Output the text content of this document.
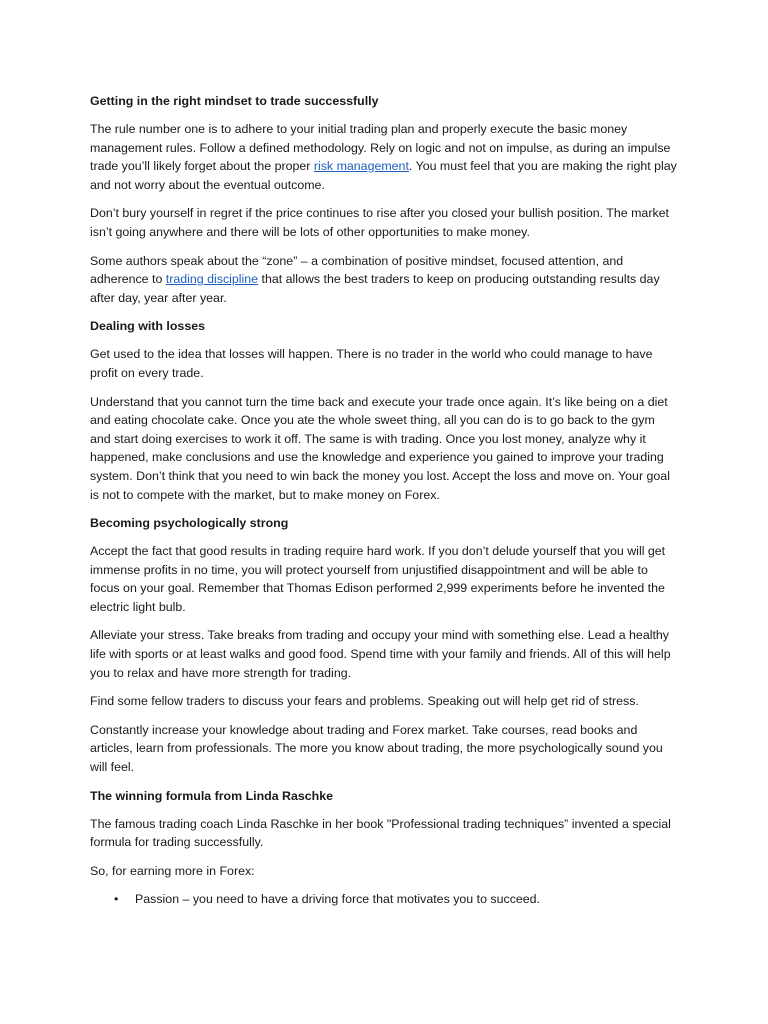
Getting in the right mindset to trade successfully

The rule number one is to adhere to your initial trading plan and properly execute the basic money management rules. Follow a defined methodology. Rely on logic and not on impulse, as during an impulse trade you’ll likely forget about the proper risk management. You must feel that you are making the right play and not worry about the eventual outcome.

Don’t bury yourself in regret if the price continues to rise after you closed your bullish position. The market isn’t going anywhere and there will be lots of other opportunities to make money.

Some authors speak about the “zone” – a combination of positive mindset, focused attention, and adherence to trading discipline that allows the best traders to keep on producing outstanding results day after day, year after year.

Dealing with losses

Get used to the idea that losses will happen. There is no trader in the world who could manage to have profit on every trade.

Understand that you cannot turn the time back and execute your trade once again. It’s like being on a diet and eating chocolate cake. Once you ate the whole sweet thing, all you can do is to go back to the gym and start doing exercises to work it off. The same is with trading. Once you lost money, analyze why it happened, make conclusions and use the knowledge and experience you gained to improve your trading system. Don’t think that you need to win back the money you lost. Accept the loss and move on. Your goal is not to compete with the market, but to make money on Forex.

Becoming psychologically strong

Accept the fact that good results in trading require hard work. If you don’t delude yourself that you will get immense profits in no time, you will protect yourself from unjustified disappointment and will be able to focus on your goal. Remember that Thomas Edison performed 2,999 experiments before he invented the electric light bulb.

Alleviate your stress. Take breaks from trading and occupy your mind with something else. Lead a healthy life with sports or at least walks and good food. Spend time with your family and friends. All of this will help you to relax and have more strength for trading.

Find some fellow traders to discuss your fears and problems. Speaking out will help get rid of stress.

Constantly increase your knowledge about trading and Forex market. Take courses, read books and articles, learn from professionals. The more you know about trading, the more psychologically sound you will feel.

The winning formula from Linda Raschke

The famous trading coach Linda Raschke in her book "Professional trading techniques” invented a special formula for trading successfully.

So, for earning more in Forex:

• Passion – you need to have a driving force that motivates you to succeed.
